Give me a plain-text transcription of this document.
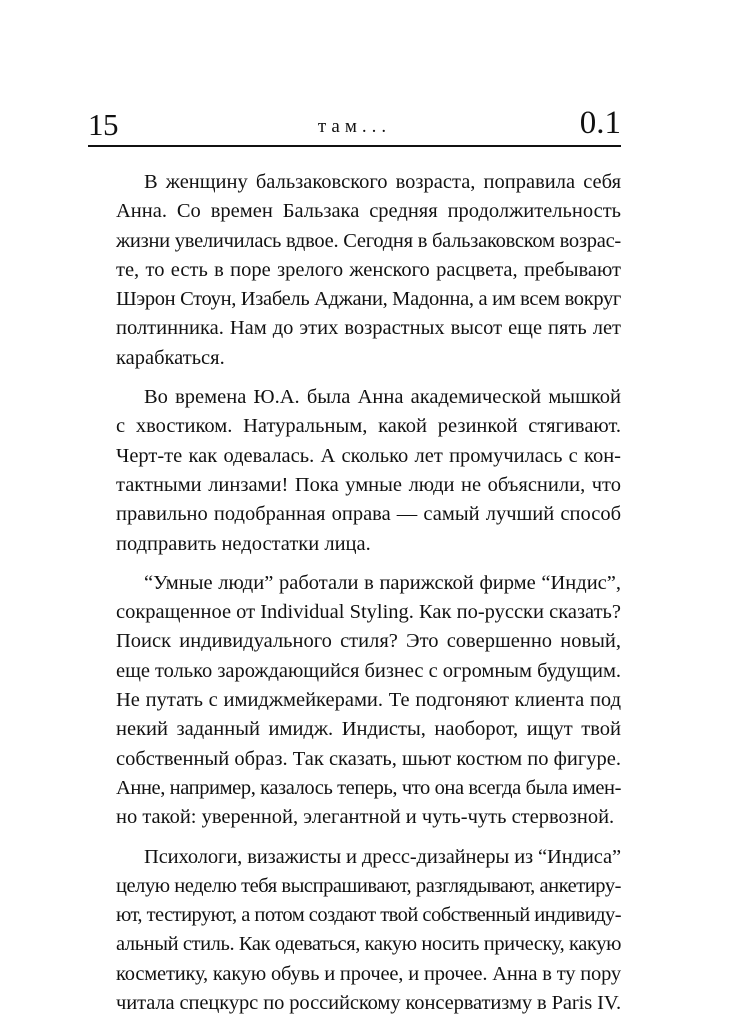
15	там...	0.1

В женщину бальзаковского возраста, поправила себя
Анна. Со времен Бальзака средняя продолжительность
жизни увеличилась вдвое. Сегодня в бальзаковском возрас-
те, то есть в поре зрелого женского расцвета, пребывают
Шэрон Стоун, Изабель Аджани, Мадонна, а им всем вокруг
полтинника. Нам до этих возрастных высот еще пять лет
карабкаться.

Во времена Ю.А. была Анна академической мышкой
с хвостиком. Натуральным, какой резинкой стягивают.
Черт-те как одевалась. А сколько лет промучилась с кон-
тактными линзами! Пока умные люди не объяснили, что
правильно подобранная оправа — самый лучший способ
подправить недостатки лица.

“Умные люди” работали в парижской фирме “Индис”,
сокращенное от Individual Styling. Как по-русски сказать?
Поиск индивидуального стиля? Это совершенно новый,
еще только зарождающийся бизнес с огромным будущим.
Не путать с имиджмейкерами. Те подгоняют клиента под
некий заданный имидж. Индисты, наоборот, ищут твой
собственный образ. Так сказать, шьют костюм по фигуре.
Анне, например, казалось теперь, что она всегда была имен-
но такой: уверенной, элегантной и чуть-чуть стервозной.

Психологи, визажисты и дресс-дизайнеры из “Индиса”
целую неделю тебя выспрашивают, разглядывают, анкетиру-
ют, тестируют, а потом создают твой собственный индивиду-
альный стиль. Как одеваться, какую носить прическу, какую
косметику, какую обувь и прочее, и прочее. Анна в ту пору
читала спецкурс по российскому консерватизму в Paris IV.
